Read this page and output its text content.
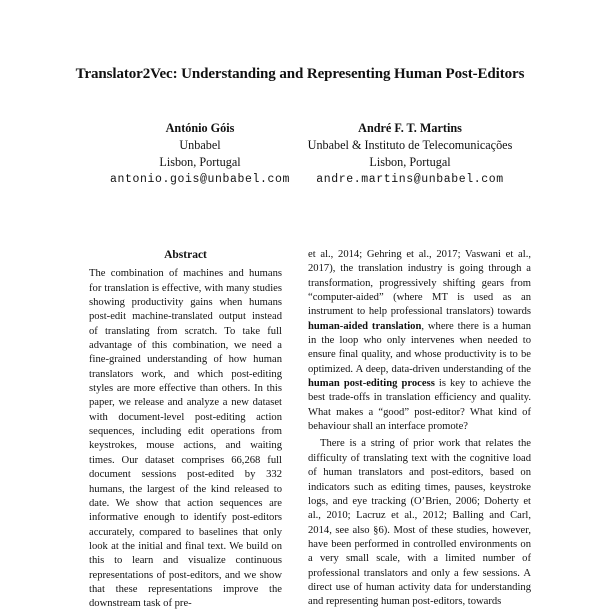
Translator2Vec: Understanding and Representing Human Post-Editors
António Góis
Unbabel
Lisbon, Portugal
antonio.gois@unbabel.com
André F. T. Martins
Unbabel & Instituto de Telecomunicações
Lisbon, Portugal
andre.martins@unbabel.com
Abstract

The combination of machines and humans for translation is effective, with many studies showing productivity gains when humans post-edit machine-translated output instead of translating from scratch. To take full advantage of this combination, we need a fine-grained understanding of how human translators work, and which post-editing styles are more effective than others. In this paper, we release and analyze a new dataset with document-level post-editing action sequences, including edit operations from keystrokes, mouse actions, and waiting times. Our dataset comprises 66,268 full document sessions post-edited by 332 humans, the largest of the kind released to date. We show that action sequences are informative enough to identify post-editors accurately, compared to baselines that only look at the initial and final text. We build on this to learn and visualize continuous representations of post-editors, and we show that these representations improve the downstream task of pre-

et al., 2014; Gehring et al., 2017; Vaswani et al., 2017), the translation industry is going through a transformation, progressively shifting gears from “computer-aided” (where MT is used as an instrument to help professional translators) towards human-aided translation, where there is a human in the loop who only intervenes when needed to ensure final quality, and whose productivity is to be optimized. A deep, data-driven understanding of the human post-editing process is key to achieve the best trade-offs in translation efficiency and quality. What makes a “good” post-editor? What kind of behaviour shall an interface promote?

There is a string of prior work that relates the difficulty of translating text with the cognitive load of human translators and post-editors, based on indicators such as editing times, pauses, keystroke logs, and eye tracking (O’Brien, 2006; Doherty et al., 2010; Lacruz et al., 2012; Balling and Carl, 2014, see also §6). Most of these studies, however, have been performed in controlled environments on a very small scale, with a limited number of professional translators and only a few sessions. A direct use of human activity data for understanding and representing human post-editors, towards
